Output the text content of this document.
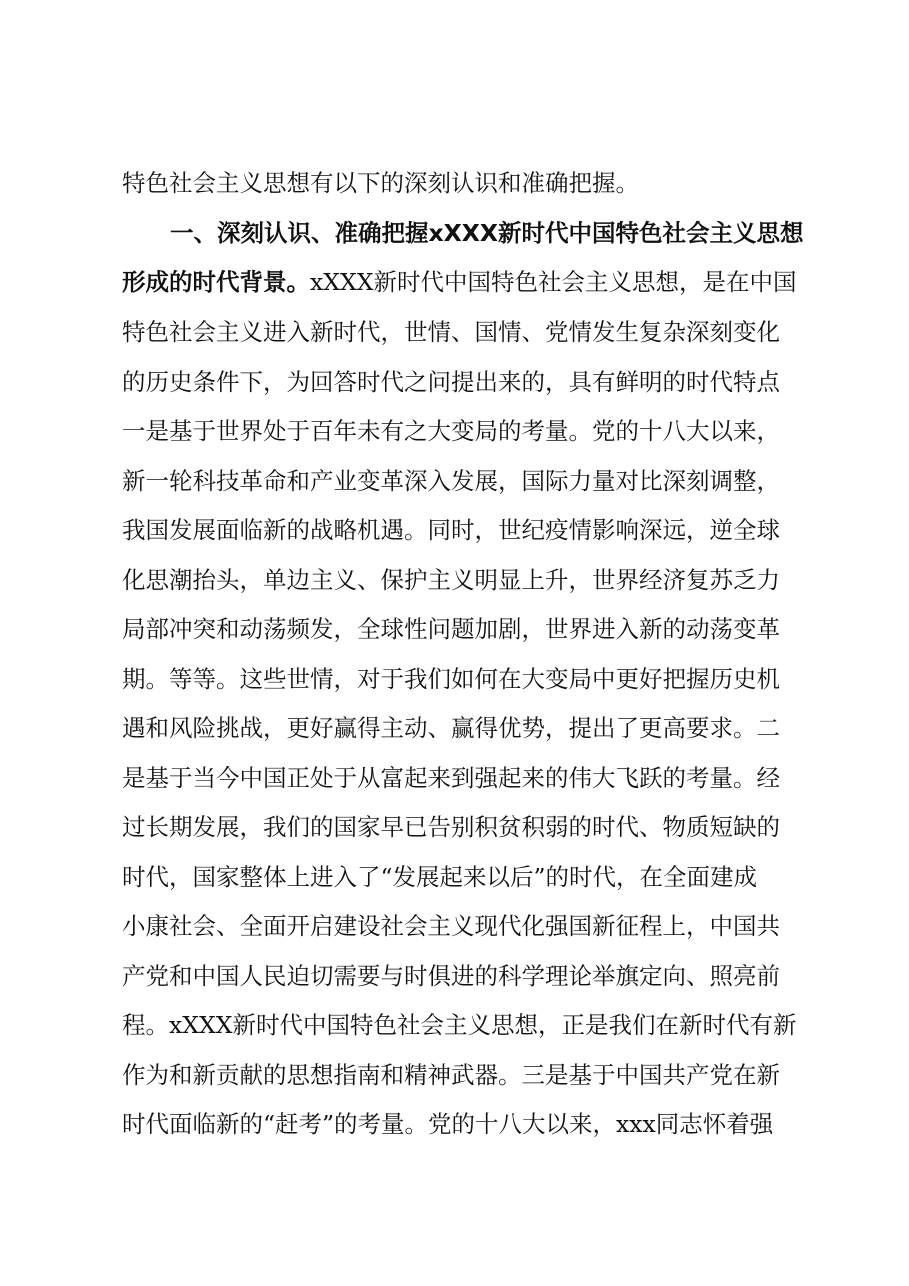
特色社会主义思想有以下的深刻认识和准确把握。
一、深刻认识、准确把握xXXX新时代中国特色社会主义思想
形成的时代背景。xXXX新时代中国特色社会主义思想，是在中国
特色社会主义进入新时代，世情、国情、党情发生复杂深刻变化
的历史条件下，为回答时代之问提出来的，具有鲜明的时代特点
一是基于世界处于百年未有之大变局的考量。党的十八大以来，
新一轮科技革命和产业变革深入发展，国际力量对比深刻调整，
我国发展面临新的战略机遇。同时，世纪疫情影响深远，逆全球
化思潮抬头，单边主义、保护主义明显上升，世界经济复苏乏力
局部冲突和动荡频发，全球性问题加剧，世界进入新的动荡变革
期。等等。这些世情，对于我们如何在大变局中更好把握历史机
遇和风险挑战，更好赢得主动、赢得优势，提出了更高要求。二
是基于当今中国正处于从富起来到强起来的伟大飞跃的考量。经
过长期发展，我们的国家早已告别积贫积弱的时代、物质短缺的
时代，国家整体上进入了“发展起来以后”的时代，在全面建成
小康社会、全面开启建设社会主义现代化强国新征程上，中国共
产党和中国人民迫切需要与时俱进的科学理论举旗定向、照亮前
程。xXXX新时代中国特色社会主义思想，正是我们在新时代有新
作为和新贡献的思想指南和精神武器。三是基于中国共产党在新
时代面临新的“赶考”的考量。党的十八大以来，xxx同志怀着强
